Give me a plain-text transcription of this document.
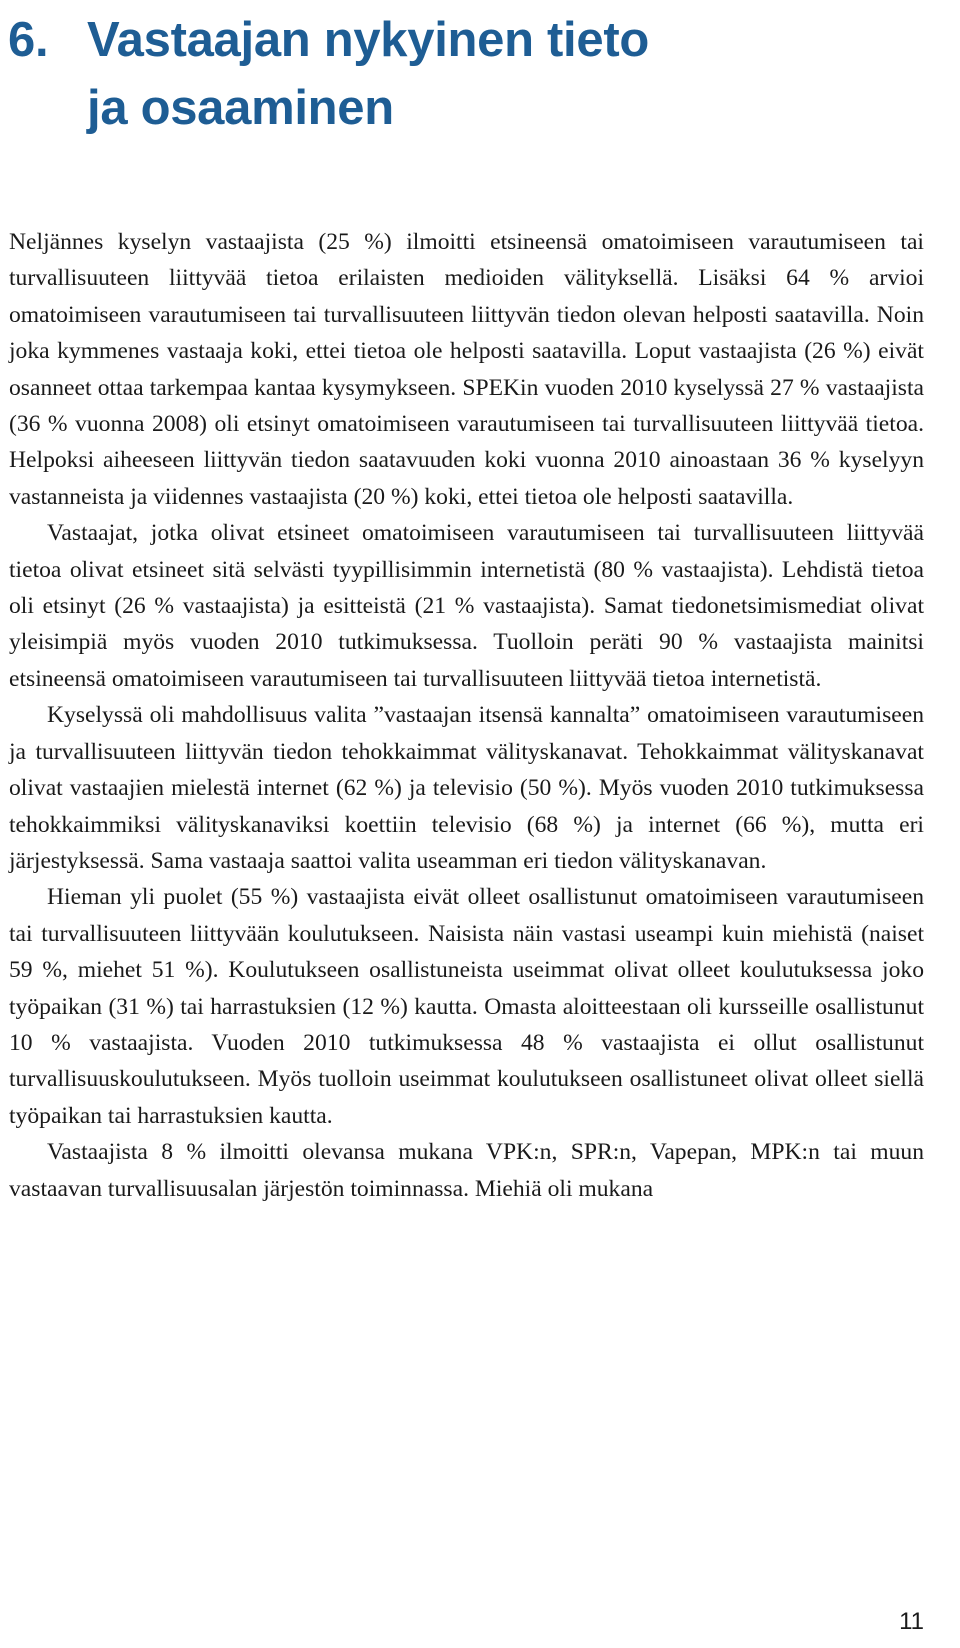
6. Vastaajan nykyinen tieto ja osaaminen

Neljännes kyselyn vastaajista (25 %) ilmoitti etsineensä omatoimiseen varautumiseen tai turvallisuuteen liittyvää tietoa erilaisten medioiden välityksellä. Lisäksi 64 % arvioi omatoimiseen varautumiseen tai turvallisuuteen liittyvän tiedon olevan helposti saatavilla. Noin joka kymmenes vastaaja koki, ettei tietoa ole helposti saatavilla. Loput vastaajista (26 %) eivät osanneet ottaa tarkempaa kantaa kysymykseen. SPEKin vuoden 2010 kyselyssä 27 % vastaajista (36 % vuonna 2008) oli etsinyt omatoimiseen varautumiseen tai turvallisuuteen liittyvää tietoa. Helpoksi aiheeseen liittyvän tiedon saatavuuden koki vuonna 2010 ainoastaan 36 % kyselyyn vastanneista ja viidennes vastaajista (20 %) koki, ettei tietoa ole helposti saatavilla.

Vastaajat, jotka olivat etsineet omatoimiseen varautumiseen tai turvallisuuteen liittyvää tietoa olivat etsineet sitä selvästi tyypillisimmin internetistä (80 % vastaajista). Lehdistä tietoa oli etsinyt (26 % vastaajista) ja esitteistä (21 % vastaajista). Samat tiedonetsimismediat olivat yleisimpiä myös vuoden 2010 tutkimuksessa. Tuolloin peräti 90 % vastaajista mainitsi etsineensä omatoimiseen varautumiseen tai turvallisuuteen liittyvää tietoa internetistä.

Kyselyssä oli mahdollisuus valita ”vastaajan itsensä kannalta” omatoimiseen varautumiseen ja turvallisuuteen liittyvän tiedon tehokkaimmat välityskanavat. Tehokkaimmat välityskanavat olivat vastaajien mielestä internet (62 %) ja televisio (50 %). Myös vuoden 2010 tutkimuksessa tehokkaimmiksi välityskanaviksi koettiin televisio (68 %) ja internet (66 %), mutta eri järjestyksessä. Sama vastaaja saattoi valita useamman eri tiedon välityskanavan.

Hieman yli puolet (55 %) vastaajista eivät olleet osallistunut omatoimiseen varautumiseen tai turvallisuuteen liittyvään koulutukseen. Naisista näin vastasi useampi kuin miehistä (naiset 59 %, miehet 51 %). Koulutukseen osallistuneista useimmat olivat olleet koulutuksessa joko työpaikan (31 %) tai harrastuksien (12 %) kautta. Omasta aloitteestaan oli kursseille osallistunut 10 % vastaajista. Vuoden 2010 tutkimuksessa 48 % vastaajista ei ollut osallistunut turvallisuuskoulutukseen. Myös tuolloin useimmat koulutukseen osallistuneet olivat olleet siellä työpaikan tai harrastuksien kautta.

Vastaajista 8 % ilmoitti olevansa mukana VPK:n, SPR:n, Vapepan, MPK:n tai muun vastaavan turvallisuusalan järjestön toiminnassa. Miehiä oli mukana

11
